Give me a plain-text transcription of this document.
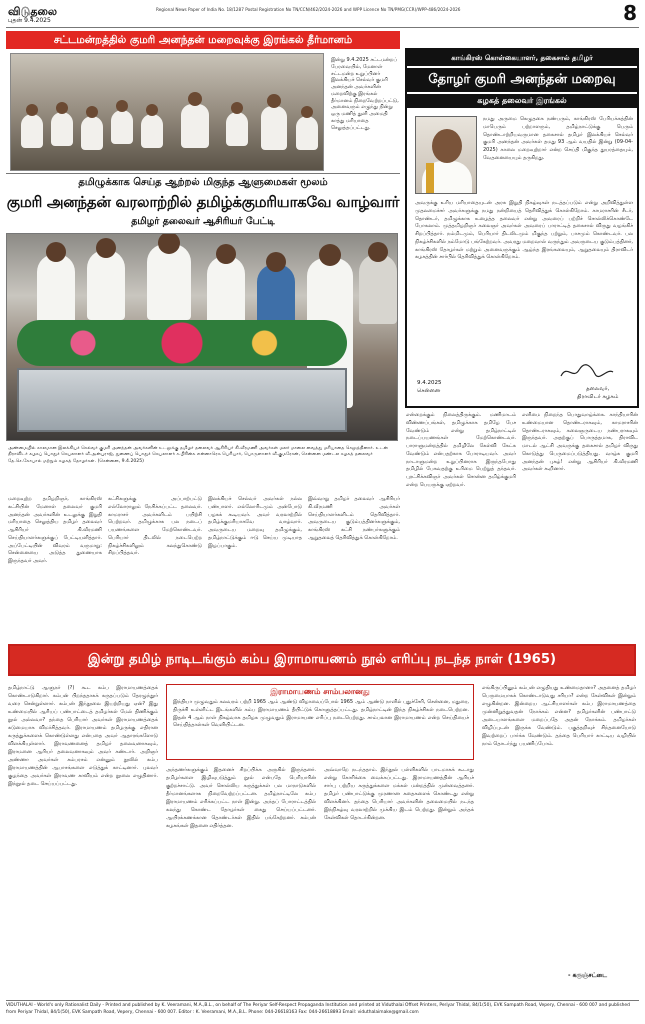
விடுதலை
புதன் 9.4.2025
Regional News Paper of India No. 18/1287 Postal Registration No TN/CCN/462/2024-2026 and WPP Licence No TN/PMG(CCR)/WPP-486/2024-2026	8
சட்டமன்றத்தில் குமரி அனந்தன் மறைவுக்கு இரங்கல் தீர்மானம்
இன்று 9.4.2025 சட்டமன்றப் பேரவையில், மேனாள் சட்டமன்ற உறுப்பினர் இலக்கியச் செல்வர் குமரி அனந்தன் அவர்களின் மறைவிற்கு இரங்கல் தீர்மானம் நிறைவேற்றப்பட்டு, அனைவரும் எழுந்து நின்று ஒரு மணித் துளி அமைதி காத்து மரியாதை செலுத்தப்பட்டது.
தமிழுக்காக செய்த ஆற்றல் மிகுந்த ஆளுமைகள் மூலம்
குமரி அனந்தன் வரலாற்றில் தமிழ்க்குமரியாகவே வாழ்வார்
தமிழர் தலைவர் ஆசிரியர் பேட்டி
அண்மையில் காலமான இலக்கியச் செல்வர் குமரி அனந்தன் அவர்களின் உடலுக்கு தமிழர் தலைவர் ஆசிரியர் கி.வீரமணி அவர்கள் மலர் மாலை வைத்து மரியாதை செலுத்தினார். உடன் திராவிடர் கழகப் பொதுச் செயலாளர் வீ.அன்புராஜ், துணைப் பொதுச் செயலாளர் ச.பிரின்சு என்னாரெசு பெரியார், பொருளாளர் வீ.குமரேசன், சென்னை மண்டல கழகத் தலைவர் தே.செ.கோபால் மற்றும் கழகத் தோழர்கள். (சென்னை, 9.4.2025)
மறைவுற்ற தமிழறிஞர், காங்கிரஸ் கட்சியின் மேனாள் தலைவர் குமரி அனந்தன் அவர்களின் உடலுக்கு இறுதி மரியாதை செலுத்திய தமிழர் தலைவர் ஆசிரியர் கி.வீரமணி செய்தியாளர்களுக்குப் பேட்டியளித்தார். அப்பேட்டியின் விவரம் வருமாறு: சென்னையை அடுத்த துணையாக இருந்தவர் அவர்.
கட்சிகளுக்கு அப்பாற்பட்டு எல்லோராலும் நேசிக்கப்பட்ட தலைவர். காமராசர் அவர்களிடம் பயிற்சி பெற்றவர். தமிழுக்காக பல நடைப் பயணங்களை மேற்கொண்டவர். பெரியார் திடலில் நடைபெற்ற நிகழ்ச்சிகளிலும் கலந்துகொண்டு சிறப்பித்தவர்.
இலக்கியச் செல்வர் அவர்கள் நல்ல பண்பாளர். எல்லோரிடமும் அன்போடு பழகக் கூடியவர். அவர் வரலாற்றில் தமிழ்க்குமரியாகவே வாழ்வார். அவருடைய மறைவு தமிழுக்கும், தமிழ்நாட்டுக்கும் ஈடு செய்ய முடியாத இழப்பாகும்.
இவ்வாறு தமிழர் தலைவர் ஆசிரியர் கி.வீரமணி அவர்கள் செய்தியாளர்களிடம் தெரிவித்தார். அவருடைய குடும்பத்தினர்களுக்கும், காங்கிரஸ் கட்சி நண்பர்களுக்கும் ஆறுதலைத் தெரிவித்துக் கொள்கிறோம்.
என்றைக்கும் நிலைத்திருக்கும். மணிமாடம் விண்ணப்பங்கள், தமிழுக்காக தமிழே பேச வேண்டும் என்று தமிழ்நாட்டில் நடைப்பயணங்கள் மேற்கொண்டவர். பாராளுமன்றத்தில் தமிழிலே கேள்வி கேட்க வேண்டும் என்பதற்காக போராடியவர். அவர் நாடாளுமன்ற உறுப்பினராக இருந்தபோது தமிழில் பேசுவதற்கு உரிமை பெற்றுத் தந்தவர். புரட்சிக்கவிஞர் அவர்கள் சொன்ன தமிழ்க்குமரி என்ற பெயருக்கு ஏற்றவர்.
எளிமை நிறைந்த பொதுவாழ்க்கை. காந்தியாரின் உண்மையான தொண்டராகவும், காமராசரின் தொண்டராகவும், கலைஞருடைய நண்பராகவும் இருந்தவர். அதற்குப் பொருத்தமாக, திராவிட மாடல் ஆட்சி அவருக்கு தகைசால் தமிழர் விருது கொடுத்து பெருமைப்படுத்தியது. வாழ்க குமரி அனந்தன் புகழ்! என்று ஆசிரியர் கி.வீரமணி அவர்கள் கூறினார்.
காங்கிரஸ் கொள்கையாளர், தகைசால் தமிழர்
தோழர் குமரி அனந்தன் மறைவு
கழகத் தலைவர் இரங்கல்
நமது அருமை கெழுதகை நண்பரும், காங்கிரஸ் பேரியக்கத்தின் மாபெரும் பற்றாளரும், தமிழ்நாட்டுக்கு பெரும் தொண்டாற்றியவருமான தகைசால் தமிழர் இலக்கியச் செல்வர் குமரி அனந்தன் அவர்கள் தமது 93 ஆம் வயதில் இன்று (09-04-2025) காலை மறைவுற்றார் என்ற செய்தி மிகுந்த துயரத்தையும், வேதனையையும் தருகிறது.
அவருக்கு உரிய மரியாதையுடன் அரசு இறுதி நிகழ்வுகள் நடத்தப்படும் என்று அறிவித்துள்ள முதலமைச்சர் அவர்களுக்கு நமது நன்றியைத் தெரிவித்துக் கொள்கிறோம். காமராசரின் சீடர், தொண்டர், தமிழுக்காக உழைத்த தலைவர் என்று அவரைப் பற்றிச் சொல்லிக்கொண்டே போகலாம். முத்தமிழறிஞர் கலைஞர் அவர்கள் அவரைப் பாராட்டித் தகைசால் விருது வழங்கிச் சிறப்பித்தார். நம்மிடமும், பெரியார் திடலிடமும் மிகுந்த பற்றும், பாசமும் கொண்டவர். பல நிகழ்ச்சிகளில் நம்மோடு பங்கேற்றவர். அவரது மறைவால் வருந்தும் அவருடைய குடும்பத்தினர், காங்கிரஸ் தோழர்கள் மற்றும் அனைவருக்கும் ஆழ்ந்த இரங்கலையும், ஆறுதலையும் திராவிடர் கழகத்தின் சார்பில் தெரிவித்துக் கொள்கிறோம்.
9.4.2025
சென்னை	தலைவர்,
திராவிடர் கழகம்
இன்று தமிழ் நாடிடங்கும் கம்ப இராமாயணம் நூல் எரிப்பு நடந்த நாள் (1965)
தமிழ்நாட்டு ஆளுநர் (?) கூட கம்ப இராமாயணத்தைக் கொண்டாடுகிறார். கம்பன் பிறந்ததாகக் கருதப்படும் தேரழுந்தூர் வரை சென்றுள்ளார். கம்பன் இந்நூலை இயற்றியது ஏன்? இது உண்மையில் ஆரியப் பண்பாட்டைத் தமிழர்கள் மேல் திணிக்கும் நூல் அல்லவா? தந்தை பெரியார் அவர்கள் இராமாயணத்தைக் கடுமையாக விமர்சித்தவர். இராமாயணம் தமிழருக்கு எதிரான கருத்துக்களைக் கொண்டுள்ளது என்பதை அவர் ஆதாரங்களோடு விளக்கியுள்ளார். இராவணனைத் தமிழர் தலைவனாகவும், இராமனை ஆரியர் தலைவனாகவும் அவர் கண்டார். அறிஞர் அண்ணா அவர்கள் கம்பரசம் என்னும் நூலில் கம்ப இராமாயணத்தின் ஆபாசங்களை எடுத்துக் காட்டினார். புலவர் குழந்தை அவர்கள் இராவண காவியம் என்ற நூலை எழுதினார். இந்நூல் தடை செய்யப்பட்டது.
இராமாயணம் சாம்பலானது
இந்தியா முழுவதும் கலவரம் பற்றி 1965 ஆம் ஆண்டு விழாவைப்போல் 1965 ஆம் ஆண்டு நாளில் புதுச்சேரி, சென்னை, மதுரை, திருச்சி உள்ளிட்ட இடங்களில் கம்ப இராமாயணம் தீயிட்டுக் கொளுத்தப்பட்டது. தமிழ்நாட்டின் இந்த நிகழ்ச்சிகள் நடைபெற்றன. இதன் 4 ஆம் நாள் நிகழ்வாக தமிழக முழுவதும் இராமாயண எரிப்பு நடைபெற்றது. சாம்பலான இராமாயணம் என்ற செய்தியைச் செய்தித்தாள்கள் வெளியிட்டன.
அந்தணர்களுக்கும் இதனைச் சிறப்பிக்க அருகில் இருந்தனர். தமிழர்களை இழிவுபடுத்தும் நூல் என்பதே பெரியாரின் குற்றச்சாட்டு. அவர் சொல்லிய கருத்துக்கள் பல மாநாடுகளில் தீர்மானங்களாக நிறைவேற்றப்பட்டன. தமிழ்நாட்டிலே கம்ப இராமாயணம் எரிக்கப்பட்ட நாள் இன்று. அந்தப் போராட்டத்தில் கலந்து கொண்ட தோழர்கள் கைது செய்யப்பட்டனர். ஆயிரக்கணக்கான தொண்டர்கள் இதில் பங்கேற்றனர். கம்பன் கழகங்கள் இதனை எதிர்த்தன.
அவ்வாறே நடந்ததாம். இந்நூல் பள்ளிகளில் பாடமாகக் கூடாது என்று கோரிக்கை வைக்கப்பட்டது. இராமாயணத்தின் ஆரியச் சார்பு பற்றிய கருத்துக்களை மக்கள் மன்றத்தில் முன்வைத்தனர். தமிழர் பண்பாட்டுக்கு முரணான கதைகளைக் கொண்டது என்று விளக்கினர். தந்தை பெரியார் அவர்களின் தலைமையில் நடந்த இந்நிகழ்வு வரலாற்றில் முக்கிய இடம் பெற்றது. இன்றும் அந்தக் கேள்விகள் தொடர்கின்றன.
எங்கிருப்பினும் கம்பன் எழுதியது உண்மைதானா? அதனைத் தமிழர் பெருமையாகக் கொண்டாடுவது சரியா? என்ற கேள்விகள் இன்றும் எழுகின்றன. இன்றைய ஆட்சியாளர்கள் கம்ப இராமாயணத்தை முன்னிறுத்துவதன் நோக்கம் என்ன? தமிழர்களின் பண்பாட்டு அடையாளங்களை மறைப்பதே அதன் நோக்கம். தமிழர்கள் விழிப்புடன் இருக்க வேண்டும். பகுத்தறிவுச் சிந்தனையோடு இவற்றைப் பார்க்க வேண்டும். தந்தை பெரியார் காட்டிய வழியில் நாம் தொடர்ந்து பயணிப்போம்.
- கருஞ்சட்டை
VIDUTHALAI - World's only Rationalist Daily - Printed and published by K. Veeramani, M.A.,B.L., on behalf of The Periyar Self-Respect Propaganda Institution and printed at Viduthalai Offset Printers, Periyar Thidal, 84/1(50), EVK Sampath Road, Vepery, Chennai - 600 007 and published from Periyar Thidal, 84/1(50), EVK Sampath Road, Vepery, Chennai - 600 007. Editor : K. Veeramani, M.A.,B.L. Phone: 044-26618163 Fax: 044-26618893 Email: viduthalaimake@gmail.com
